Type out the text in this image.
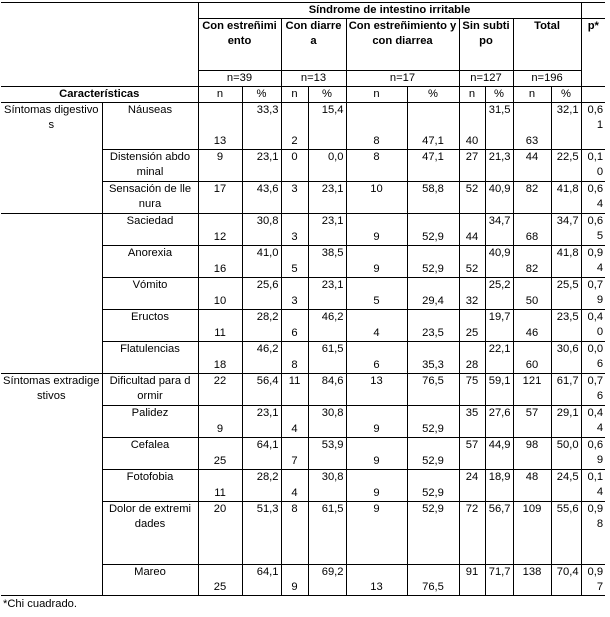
		Síndrome de intestino irritable										
		Con estreñimiento		Con diarrea		Con estreñimiento y con diarrea		Sin subtipo		Total		p*
		n=39		n=13		n=17		n=127		n=196		
Características		n	%	n	%	n	%	n	%	n	%	
Síntomas digestivos	Náuseas	13	33,3	2	15,4	8	47,1	40	31,5	63	32,1	0,61
	Distensión abdominal	9	23,1	0	0,0	8	47,1	27	21,3	44	22,5	0,10
	Sensación de llenura	17	43,6	3	23,1	10	58,8	52	40,9	82	41,8	0,64
	Saciedad	12	30,8	3	23,1	9	52,9	44	34,7	68	34,7	0,65
	Anorexia	16	41,0	5	38,5	9	52,9	52	40,9	82	41,8	0,94
	Vómito	10	25,6	3	23,1	5	29,4	32	25,2	50	25,5	0,79
	Eructos	11	28,2	6	46,2	4	23,5	25	19,7	46	23,5	0,40
	Flatulencias	18	46,2	8	61,5	6	35,3	28	22,1	60	30,6	0,06
Síntomas extradigestivos	Dificultad para dormir	22	56,4	11	84,6	13	76,5	75	59,1	121	61,7	0,76
	Palidez	9	23,1	4	30,8	9	52,9	35	27,6	57	29,1	0,44
	Cefalea	25	64,1	7	53,9	9	52,9	57	44,9	98	50,0	0,69
	Fotofobia	11	28,2	4	30,8	9	52,9	24	18,9	48	24,5	0,14
	Dolor de extremidades	20	51,3	8	61,5	9	52,9	72	56,7	109	55,6	0,98
	Mareo	25	64,1	9	69,2	13	76,5	91	71,7	138	70,4	0,97
*Chi cuadrado.
